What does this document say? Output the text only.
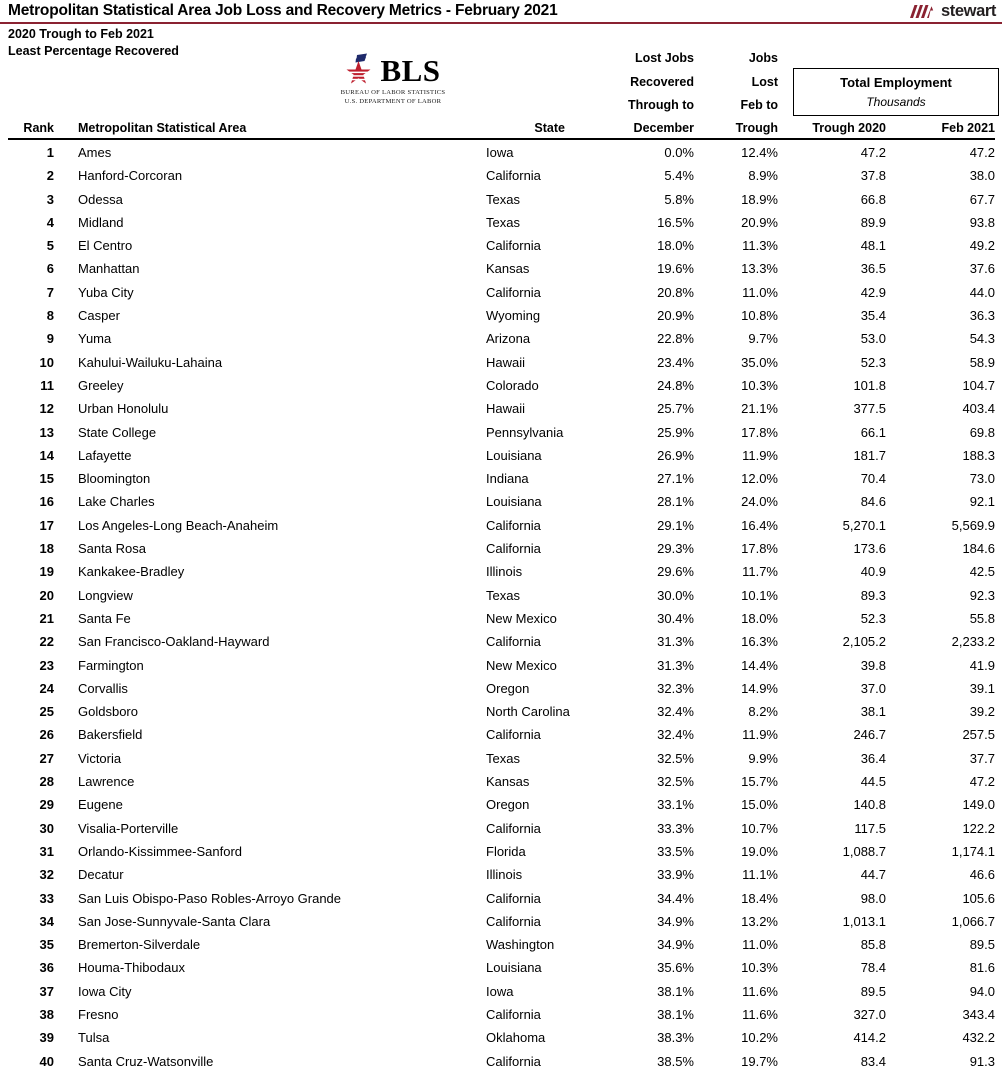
Metropolitan Statistical Area Job Loss and Recovery Metrics - February 2021	stewart
2020 Trough to Feb 2021
Least Percentage Recovered
BLS
BUREAU OF LABOR STATISTICS
U.S. DEPARTMENT OF LABOR
Total Employment
Thousands
Lost Jobs
Recovered
Through to
Jobs
Lost
Feb to
Rank Metropolitan Statistical Area	State	December	Trough	Trough 2020	Feb 2021
1 Ames	Iowa	0.0%	12.4%	47.2	47.2
2 Hanford-Corcoran	California	5.4%	8.9%	37.8	38.0
3 Odessa	Texas	5.8%	18.9%	66.8	67.7
4 Midland	Texas	16.5%	20.9%	89.9	93.8
5 El Centro	California	18.0%	11.3%	48.1	49.2
6 Manhattan	Kansas	19.6%	13.3%	36.5	37.6
7 Yuba City	California	20.8%	11.0%	42.9	44.0
8 Casper	Wyoming	20.9%	10.8%	35.4	36.3
9 Yuma	Arizona	22.8%	9.7%	53.0	54.3
10 Kahului-Wailuku-Lahaina	Hawaii	23.4%	35.0%	52.3	58.9
11 Greeley	Colorado	24.8%	10.3%	101.8	104.7
12 Urban Honolulu	Hawaii	25.7%	21.1%	377.5	403.4
13 State College	Pennsylvania	25.9%	17.8%	66.1	69.8
14 Lafayette	Louisiana	26.9%	11.9%	181.7	188.3
15 Bloomington	Indiana	27.1%	12.0%	70.4	73.0
16 Lake Charles	Louisiana	28.1%	24.0%	84.6	92.1
17 Los Angeles-Long Beach-Anaheim	California	29.1%	16.4%	5,270.1	5,569.9
18 Santa Rosa	California	29.3%	17.8%	173.6	184.6
19 Kankakee-Bradley	Illinois	29.6%	11.7%	40.9	42.5
20 Longview	Texas	30.0%	10.1%	89.3	92.3
21 Santa Fe	New Mexico	30.4%	18.0%	52.3	55.8
22 San Francisco-Oakland-Hayward	California	31.3%	16.3%	2,105.2	2,233.2
23 Farmington	New Mexico	31.3%	14.4%	39.8	41.9
24 Corvallis	Oregon	32.3%	14.9%	37.0	39.1
25 Goldsboro	North Carolina	32.4%	8.2%	38.1	39.2
26 Bakersfield	California	32.4%	11.9%	246.7	257.5
27 Victoria	Texas	32.5%	9.9%	36.4	37.7
28 Lawrence	Kansas	32.5%	15.7%	44.5	47.2
29 Eugene	Oregon	33.1%	15.0%	140.8	149.0
30 Visalia-Porterville	California	33.3%	10.7%	117.5	122.2
31 Orlando-Kissimmee-Sanford	Florida	33.5%	19.0%	1,088.7	1,174.1
32 Decatur	Illinois	33.9%	11.1%	44.7	46.6
33 San Luis Obispo-Paso Robles-Arroyo Grande	California	34.4%	18.4%	98.0	105.6
34 San Jose-Sunnyvale-Santa Clara	California	34.9%	13.2%	1,013.1	1,066.7
35 Bremerton-Silverdale	Washington	34.9%	11.0%	85.8	89.5
36 Houma-Thibodaux	Louisiana	35.6%	10.3%	78.4	81.6
37 Iowa City	Iowa	38.1%	11.6%	89.5	94.0
38 Fresno	California	38.1%	11.6%	327.0	343.4
39 Tulsa	Oklahoma	38.3%	10.2%	414.2	432.2
40 Santa Cruz-Watsonville	California	38.5%	19.7%	83.4	91.3
